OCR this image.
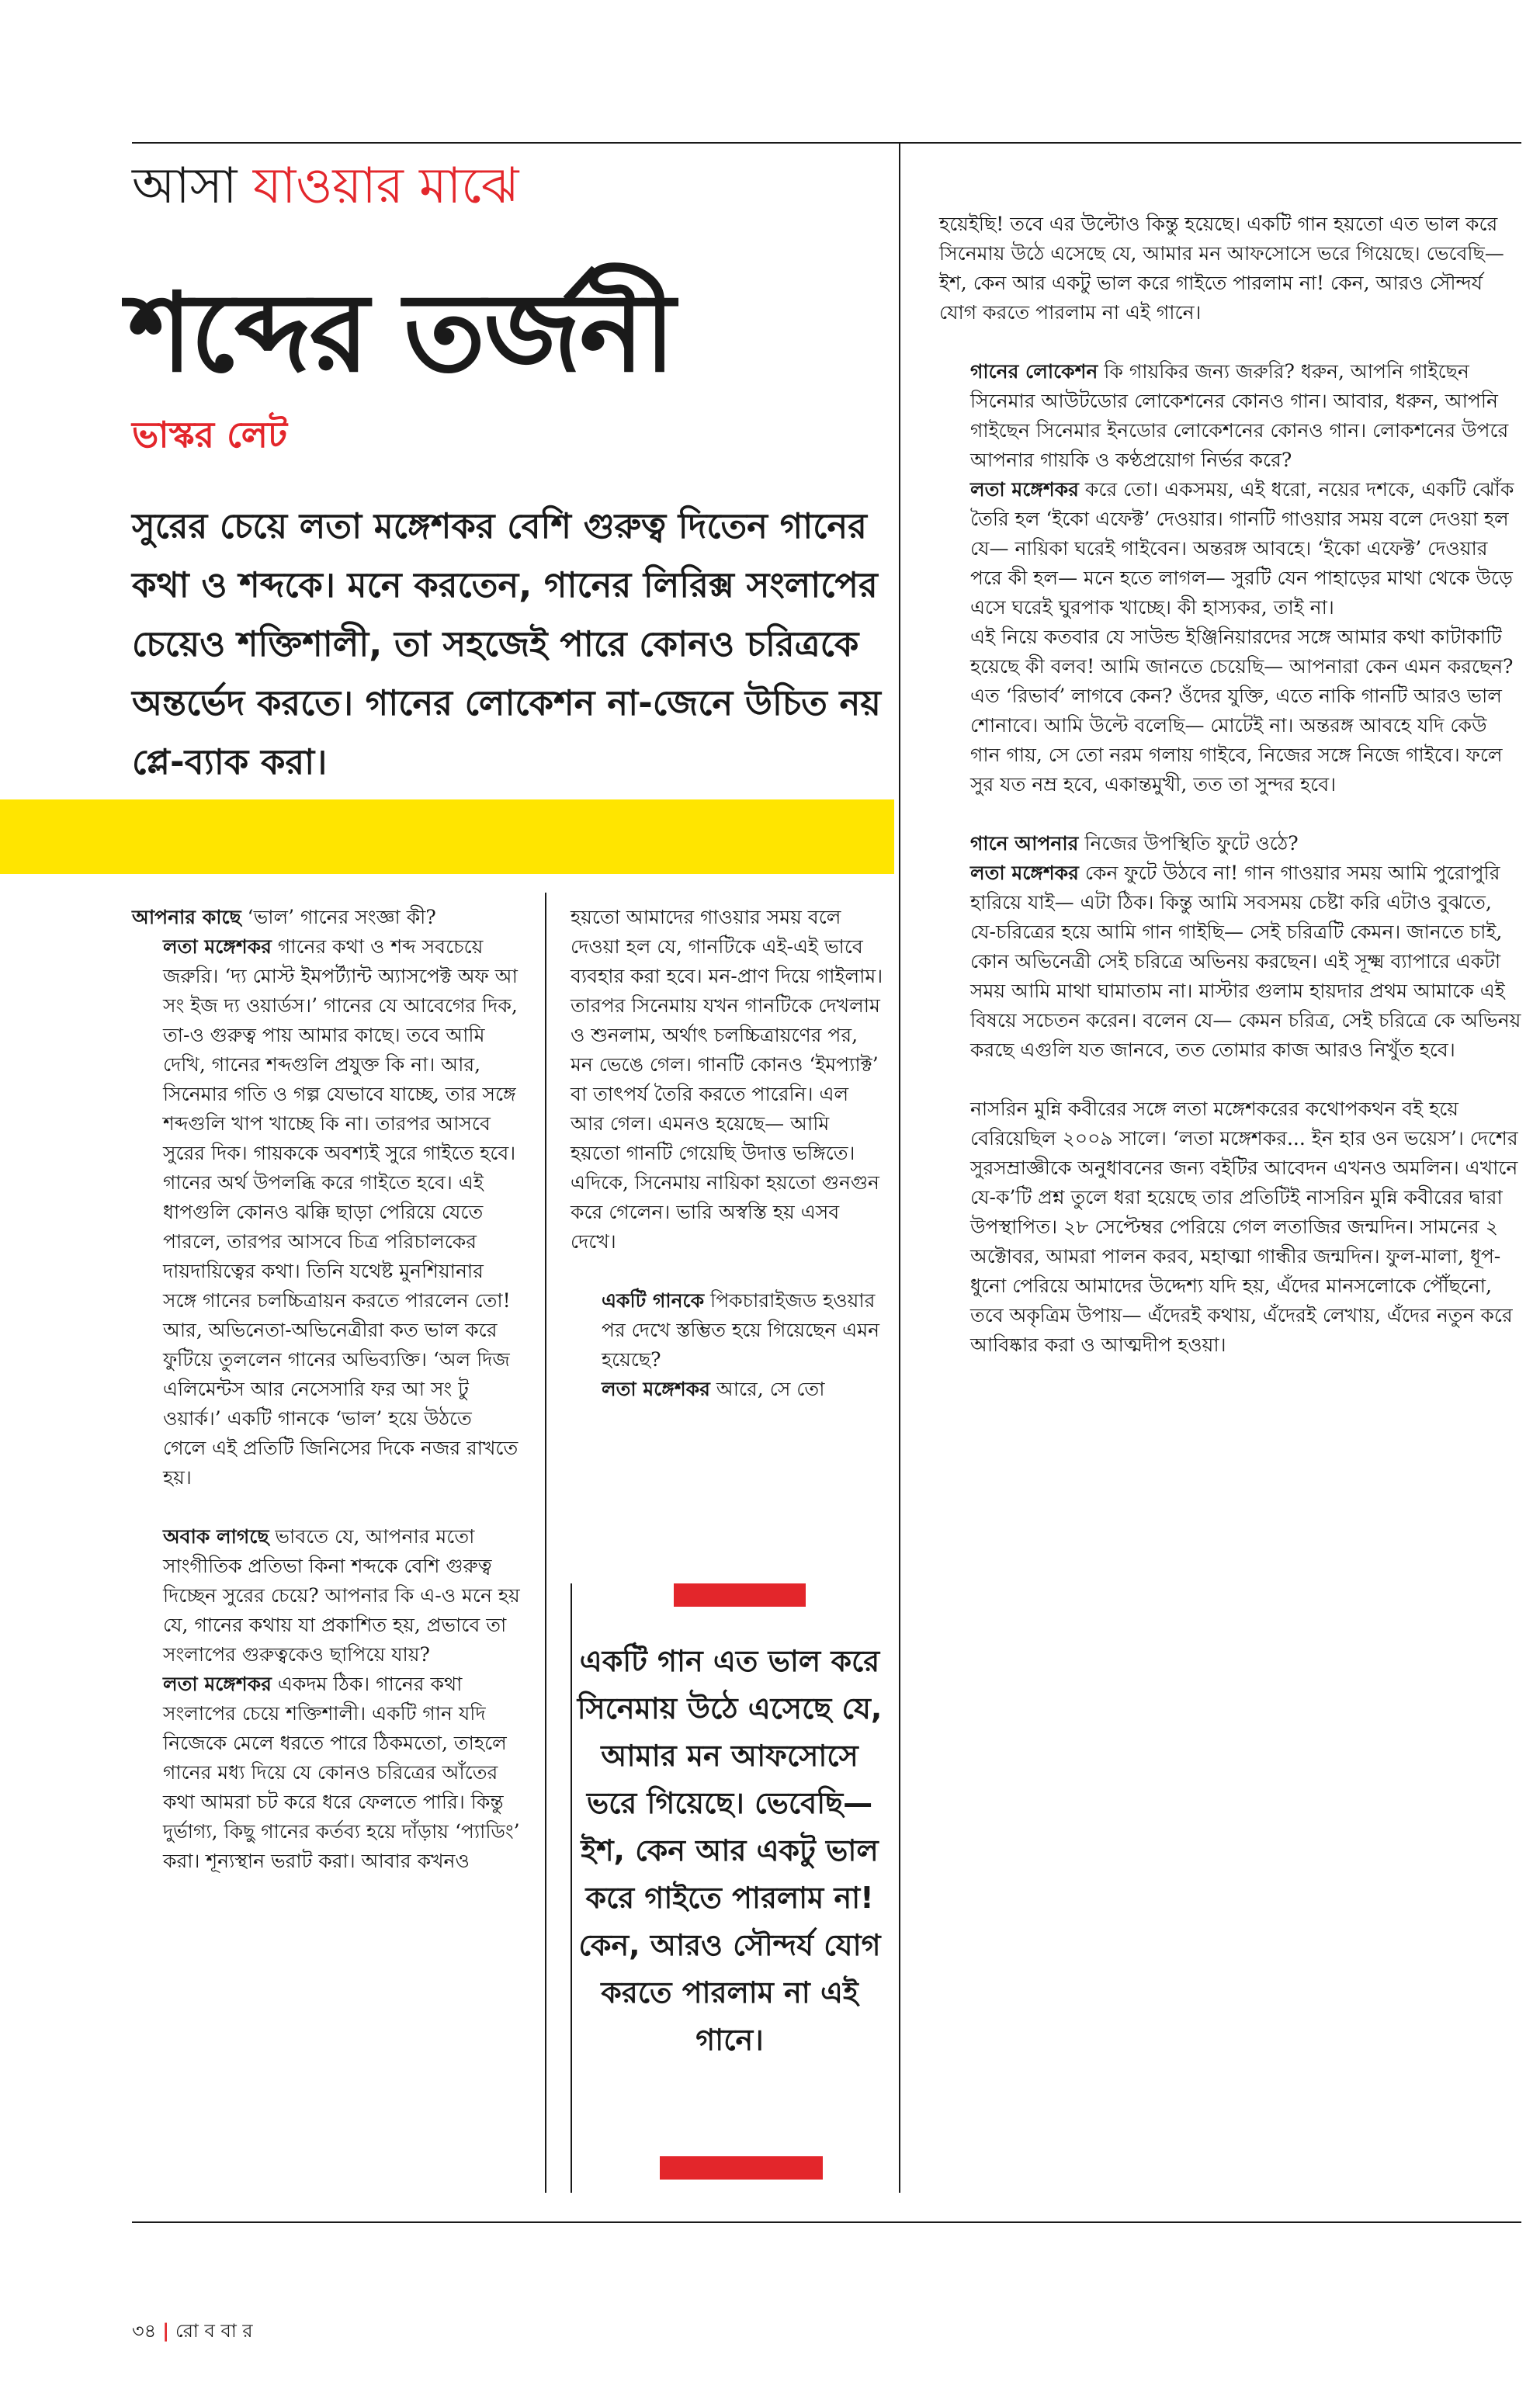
আসা যাওয়ার মাঝে
শব্দের তর্জনী
ভাস্কর লেট
সুরের চেয়ে লতা মঙ্গেশকর বেশি গুরুত্ব দিতেন গানের কথা ও শব্দকে। মনে করতেন, গানের লিরিক্স সংলাপের চেয়েও শক্তিশালী, তা সহজেই পারে কোনও চরিত্রকে অন্তর্ভেদ করতে। গানের লোকেশন না-জেনে উচিত নয় প্লে-ব্যাক করা।

আপনার কাছে ‘ভাল’ গানের সংজ্ঞা কী?

লতা মঙ্গেশকর গানের কথা ও শব্দ সবচেয়ে জরুরি। ‘দ্য মোস্ট ইমপর্ট্যান্ট অ্যাসপেক্ট অফ আ সং ইজ দ্য ওয়ার্ডস।’ গানের যে আবেগের দিক, তা-ও গুরুত্ব পায় আমার কাছে। তবে আমি দেখি, গানের শব্দগুলি প্রযুক্ত কি না। আর, সিনেমার গতি ও গল্প যেভাবে যাচ্ছে, তার সঙ্গে শব্দগুলি খাপ খাচ্ছে কি না। তারপর আসবে সুরের দিক। গায়ককে অবশ্যই সুরে গাইতে হবে। গানের অর্থ উপলব্ধি করে গাইতে হবে। এই ধাপগুলি কোনও ঝক্কি ছাড়া পেরিয়ে যেতে পারলে, তারপর আসবে চিত্র পরিচালকের দায়দায়িত্বের কথা। তিনি যথেষ্ট মুনশিয়ানার সঙ্গে গানের চলচ্চিত্রায়ন করতে পারলেন তো! আর, অভিনেতা-অভিনেত্রীরা কত ভাল করে ফুটিয়ে তুললেন গানের অভিব্যক্তি। ‘অল দিজ এলিমেন্টস আর নেসেসারি ফর আ সং টু ওয়ার্ক।’ একটি গানকে ‘ভাল’ হয়ে উঠতে গেলে এই প্রতিটি জিনিসের দিকে নজর রাখতে হয়।

অবাক লাগছে ভাবতে যে, আপনার মতো সাংগীতিক প্রতিভা কিনা শব্দকে বেশি গুরুত্ব দিচ্ছেন সুরের চেয়ে? আপনার কি এ-ও মনে হয় যে, গানের কথায় যা প্রকাশিত হয়, প্রভাবে তা সংলাপের গুরুত্বকেও ছাপিয়ে যায়?

লতা মঙ্গেশকর একদম ঠিক। গানের কথা সংলাপের চেয়ে শক্তিশালী। একটি গান যদি নিজেকে মেলে ধরতে পারে ঠিকমতো, তাহলে গানের মধ্য দিয়ে যে কোনও চরিত্রের আঁতের কথা আমরা চট করে ধরে ফেলতে পারি। কিন্তু দুর্ভাগ্য, কিছু গানের কর্তব্য হয়ে দাঁড়ায় ‘প্যাডিং’ করা। শূন্যস্থান ভরাট করা। আবার কখনও

হয়তো আমাদের গাওয়ার সময় বলে দেওয়া হল যে, গানটিকে এই-এই ভাবে ব্যবহার করা হবে। মন-প্রাণ দিয়ে গাইলাম। তারপর সিনেমায় যখন গানটিকে দেখলাম ও শুনলাম, অর্থাৎ চলচ্চিত্রায়ণের পর, মন ভেঙে গেল। গানটি কোনও ‘ইমপ্যাক্ট’ বা তাৎপর্য তৈরি করতে পারেনি। এল আর গেল। এমনও হয়েছে— আমি হয়তো গানটি গেয়েছি উদাত্ত ভঙ্গিতে। এদিকে, সিনেমায় নায়িকা হয়তো গুনগুন করে গেলেন। ভারি অস্বস্তি হয় এসব দেখে।

একটি গানকে পিকচারাইজড হওয়ার পর দেখে স্তম্ভিত হয়ে গিয়েছেন এমন হয়েছে?

লতা মঙ্গেশকর আরে, সে তো

একটি গান এত ভাল করে সিনেমায় উঠে এসেছে যে, আমার মন আফসোসে ভরে গিয়েছে। ভেবেছি— ইশ, কেন আর একটু ভাল করে গাইতে পারলাম না! কেন, আরও সৌন্দর্য যোগ করতে পারলাম না এই গানে।

হয়েইছি! তবে এর উল্টোও কিন্তু হয়েছে। একটি গান হয়তো এত ভাল করে সিনেমায় উঠে এসেছে যে, আমার মন আফসোসে ভরে গিয়েছে। ভেবেছি— ইশ, কেন আর একটু ভাল করে গাইতে পারলাম না! কেন, আরও সৌন্দর্য যোগ করতে পারলাম না এই গানে।

গানের লোকেশন কি গায়কির জন্য জরুরি? ধরুন, আপনি গাইছেন সিনেমার আউটডোর লোকেশনের কোনও গান। আবার, ধরুন, আপনি গাইছেন সিনেমার ইনডোর লোকেশনের কোনও গান। লোকশনের উপরে আপনার গায়কি ও কণ্ঠপ্রয়োগ নির্ভর করে?

লতা মঙ্গেশকর করে তো। একসময়, এই ধরো, নয়ের দশকে, একটি ঝোঁক তৈরি হল ‘ইকো এফেক্ট’ দেওয়ার। গানটি গাওয়ার সময় বলে দেওয়া হল যে— নায়িকা ঘরেই গাইবেন। অন্তরঙ্গ আবহে। ‘ইকো এফেক্ট’ দেওয়ার পরে কী হল— মনে হতে লাগল— সুরটি যেন পাহাড়ের মাথা থেকে উড়ে এসে ঘরেই ঘুরপাক খাচ্ছে। কী হাস্যকর, তাই না।

এই নিয়ে কতবার যে সাউন্ড ইঞ্জিনিয়ারদের সঙ্গে আমার কথা কাটাকাটি হয়েছে কী বলব! আমি জানতে চেয়েছি— আপনারা কেন এমন করছেন? এত ‘রিভার্ব’ লাগবে কেন? ওঁদের যুক্তি, এতে নাকি গানটি আরও ভাল শোনাবে। আমি উল্টে বলেছি— মোটেই না। অন্তরঙ্গ আবহে যদি কেউ গান গায়, সে তো নরম গলায় গাইবে, নিজের সঙ্গে নিজে গাইবে। ফলে সুর যত নম্র হবে, একান্তমুখী, তত তা সুন্দর হবে।

গানে আপনার নিজের উপস্থিতি ফুটে ওঠে?

লতা মঙ্গেশকর কেন ফুটে উঠবে না! গান গাওয়ার সময় আমি পুরোপুরি হারিয়ে যাই— এটা ঠিক। কিন্তু আমি সবসময় চেষ্টা করি এটাও বুঝতে, যে-চরিত্রের হয়ে আমি গান গাইছি— সেই চরিত্রটি কেমন। জানতে চাই, কোন অভিনেত্রী সেই চরিত্রে অভিনয় করছেন। এই সূক্ষ্ম ব্যাপারে একটা সময় আমি মাথা ঘামাতাম না। মাস্টার গুলাম হায়দার প্রথম আমাকে এই বিষয়ে সচেতন করেন। বলেন যে— কেমন চরিত্র, সেই চরিত্রে কে অভিনয় করছে এগুলি যত জানবে, তত তোমার কাজ আরও নিখুঁত হবে।

নাসরিন মুন্নি কবীরের সঙ্গে লতা মঙ্গেশকরের কথোপকথন বই হয়ে বেরিয়েছিল ২০০৯ সালে। ‘লতা মঙ্গেশকর... ইন হার ওন ভয়েস’। দেশের সুরসম্রাজ্ঞীকে অনুধাবনের জন্য বইটির আবেদন এখনও অমলিন। এখানে যে-ক’টি প্রশ্ন তুলে ধরা হয়েছে তার প্রতিটিই নাসরিন মুন্নি কবীরের দ্বারা উপস্থাপিত। ২৮ সেপ্টেম্বর পেরিয়ে গেল লতাজির জন্মদিন। সামনের ২ অক্টোবর, আমরা পালন করব, মহাত্মা গান্ধীর জন্মদিন। ফুল-মালা, ধূপ-ধুনো পেরিয়ে আমাদের উদ্দেশ্য যদি হয়, এঁদের মানসলোকে পৌঁছনো, তবে অকৃত্রিম উপায়— এঁদেরই কথায়, এঁদেরই লেখায়, এঁদের নতুন করে আবিষ্কার করা ও আত্মদীপ হওয়া।

৩৪ | রো ব বা র
